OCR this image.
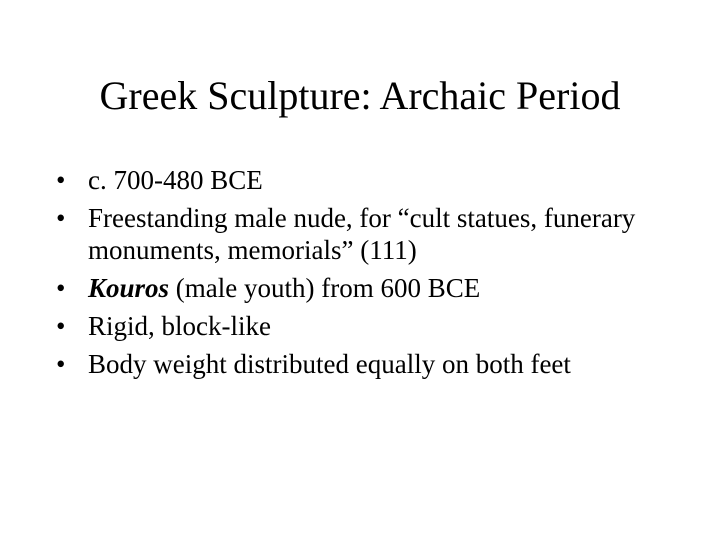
Greek Sculpture: Archaic Period
• c. 700-480 BCE
• Freestanding male nude, for “cult statues, funerary monuments, memorials” (111)
• Kouros (male youth) from 600 BCE
• Rigid, block-like
• Body weight distributed equally on both feet
